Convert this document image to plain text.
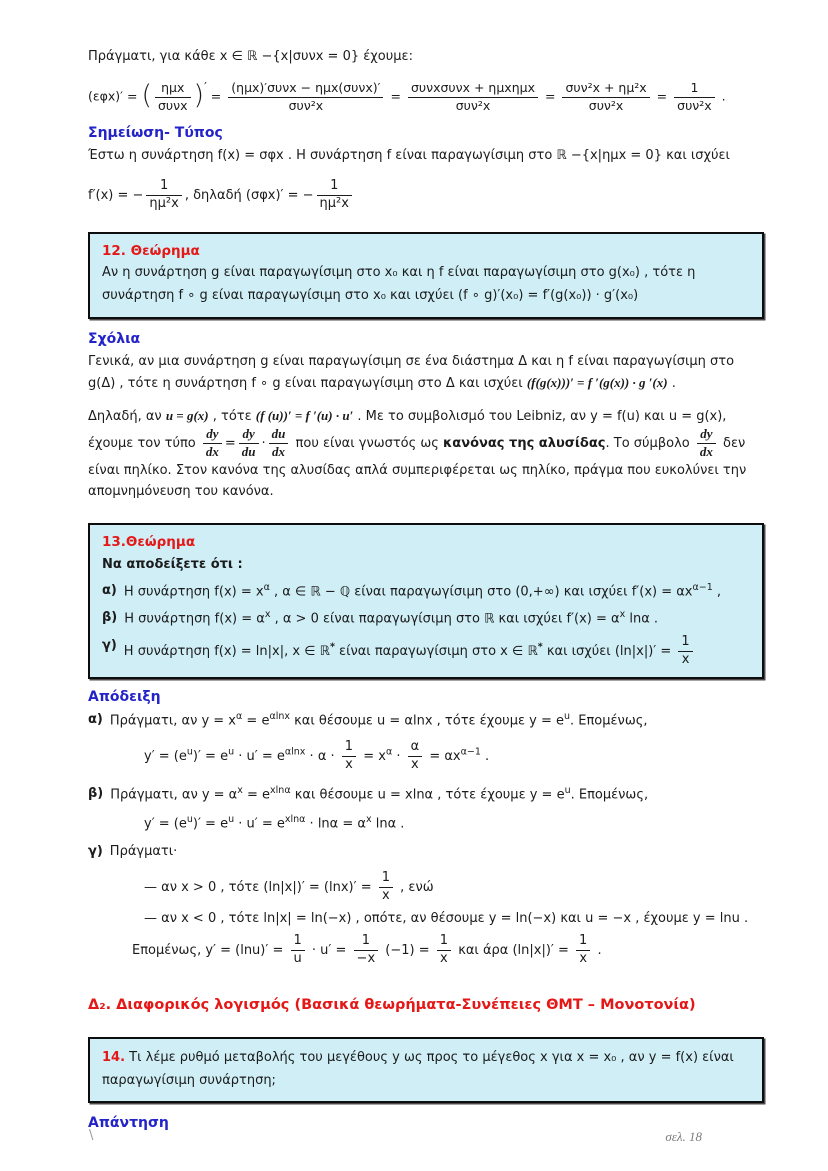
Πράγματι, για κάθε x ∈ ℝ −{x|συνx = 0} έχουμε:

(εφx)′ = ( $\frac{\text{ημx}}{\text{συνx}}$ )′ = $\frac{\text{(ημx)′συνx − ημx(συνx)′}}{\text{συν²x}} = \frac{\text{συνxσυνx + ημxημx}}{\text{συν²x}} = \frac{\text{συν²x + ημ²x}}{\text{συν²x}} = \frac{1}{\text{συν²x}}$ .

Σημείωση- Τύπος

Έστω η συνάρτηση f(x) = σφx . Η συνάρτηση f είναι παραγωγίσιμη στο ℝ −{x|ημx = 0} και ισχύει

f′(x) = − $\frac{1}{\text{ημ²x}}$ , δηλαδή (σφx)′ = − $\frac{1}{\text{ημ²x}}$
12. Θεώρημα

Αν η συνάρτηση g είναι παραγωγίσιμη στο x₀ και η f είναι παραγωγίσιμη στο g(x₀) , τότε η συνάρτηση f ∘ g είναι παραγωγίσιμη στο x₀ και ισχύει (f ∘ g)′(x₀) = f′(g(x₀)) · g′(x₀)

Σχόλια

Γενικά, αν μια συνάρτηση g είναι παραγωγίσιμη σε ένα διάστημα Δ και η f είναι παραγωγίσιμη στο g(Δ) , τότε η συνάρτηση f ∘ g είναι παραγωγίσιμη στο Δ και ισχύει (f(g(x)))′ = f ′(g(x)) · g ′(x) .

Δηλαδή, αν u = g(x) , τότε (f (u))′ = f ′(u) · u′ . Με το συμβολισμό του Leibniz, αν y = f(u) και u = g(x), έχουμε τον τύπο $\frac{dy}{dx} = \frac{dy}{du} \cdot \frac{du}{dx}$ που είναι γνωστός ως κανόνας της αλυσίδας. Το σύμβολο $\frac{dy}{dx}$ δεν είναι πηλίκο. Στον κανόνα της αλυσίδας απλά συμπεριφέρεται ως πηλίκο, πράγμα που ευκολύνει την απομνημόνευση του κανόνα.

13.Θεώρημα
Να αποδείξετε ότι :
α) Η συνάρτηση $f(x) = x^\alpha$ , α ∈ ℝ − ℚ είναι παραγωγίσιμη στο (0,+∞) και ισχύει $f'(x) = \alpha x^{\alpha-1}$ ,
β) Η συνάρτηση $f(x) = \alpha^x$ , α > 0 είναι παραγωγίσιμη στο ℝ και ισχύει $f'(x) = \alpha^x$ lnα .
γ) Η συνάρτηση f(x) = ln|x|, x ∈ ℝ* είναι παραγωγίσιμη στο x ∈ ℝ* και ισχύει $(\ln|x|)' = \frac{1}{x}$

Απόδειξη

α) Πράγματι, αν $y = x^\alpha = e^{\alpha lnx}$ και θέσουμε u = αlnx , τότε έχουμε $y = e^u$. Επομένως,
$y' = (e^u)' = e^u \cdot u' = e^{\alpha lnx} \cdot \alpha \cdot \frac{1}{x} = x^\alpha \cdot \frac{\alpha}{x} = \alpha x^{\alpha-1}$ .
β) Πράγματι, αν $y = \alpha^x = e^{xln\alpha}$ και θέσουμε u = xlnα , τότε έχουμε $y = e^u$. Επομένως,
$y' = (e^u)' = e^u \cdot u' = e^{xln\alpha} \cdot \ln\alpha = \alpha^x$ lnα .
γ) Πράγματι·
— αν x > 0 , τότε $(\ln|x|)' = (\ln x)' = \frac{1}{x}$ , ενώ
— αν x < 0 , τότε ln|x| = ln(−x) , οπότε, αν θέσουμε y = ln(−x) και u = −x , έχουμε y = lnu .
Επομένως, $y' = (\ln u)' = \frac{1}{u} \cdot u' = \frac{1}{-x} (-1) = \frac{1}{x}$ και άρα $(\ln|x|)' = \frac{1}{x}$ .

Δ₂. Διαφορικός λογισμός (Βασικά θεωρήματα-Συνέπειες ΘΜΤ – Μονοτονία)

14. Τι λέμε ρυθμό μεταβολής του μεγέθους y ως προς το μέγεθος x για x = x₀ , αν y = f(x) είναι παραγωγίσιμη συνάρτηση;

Απάντηση

\	σελ. 18
